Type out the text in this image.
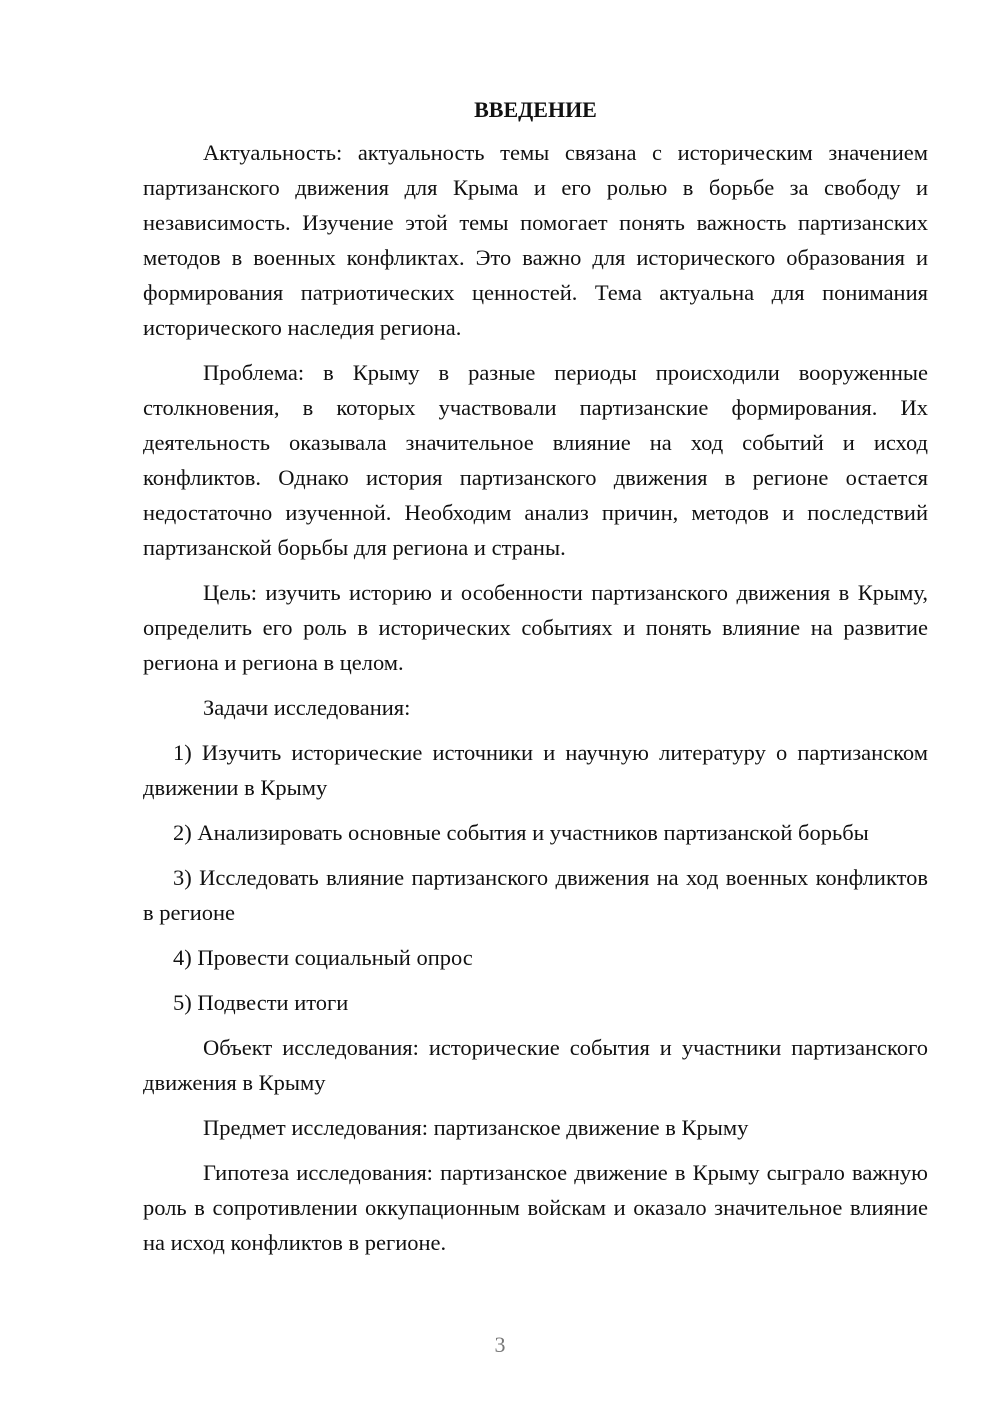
ВВЕДЕНИЕ

Актуальность: актуальность темы связана с историческим значением партизанского движения для Крыма и его ролью в борьбе за свободу и независимость. Изучение этой темы помогает понять важность партизанских методов в военных конфликтах. Это важно для исторического образования и формирования патриотических ценностей. Тема актуальна для понимания исторического наследия региона.

Проблема: в Крыму в разные периоды происходили вооруженные столкновения, в которых участвовали партизанские формирования. Их деятельность оказывала значительное влияние на ход событий и исход конфликтов. Однако история партизанского движения в регионе остается недостаточно изученной. Необходим анализ причин, методов и последствий партизанской борьбы для региона и страны.

Цель: изучить историю и особенности партизанского движения в Крыму, определить его роль в исторических событиях и понять влияние на развитие региона и региона в целом.

Задачи исследования:

1) Изучить исторические источники и научную литературу о партизанском движении в Крыму

2) Анализировать основные события и участников партизанской борьбы

3) Исследовать влияние партизанского движения на ход военных конфликтов в регионе

4) Провести социальный опрос

5) Подвести итоги

Объект исследования: исторические события и участники партизанского движения в Крыму

Предмет исследования: партизанское движение в Крыму

Гипотеза исследования: партизанское движение в Крыму сыграло важную роль в сопротивлении оккупационным войскам и оказало значительное влияние на исход конфликтов в регионе.

3
